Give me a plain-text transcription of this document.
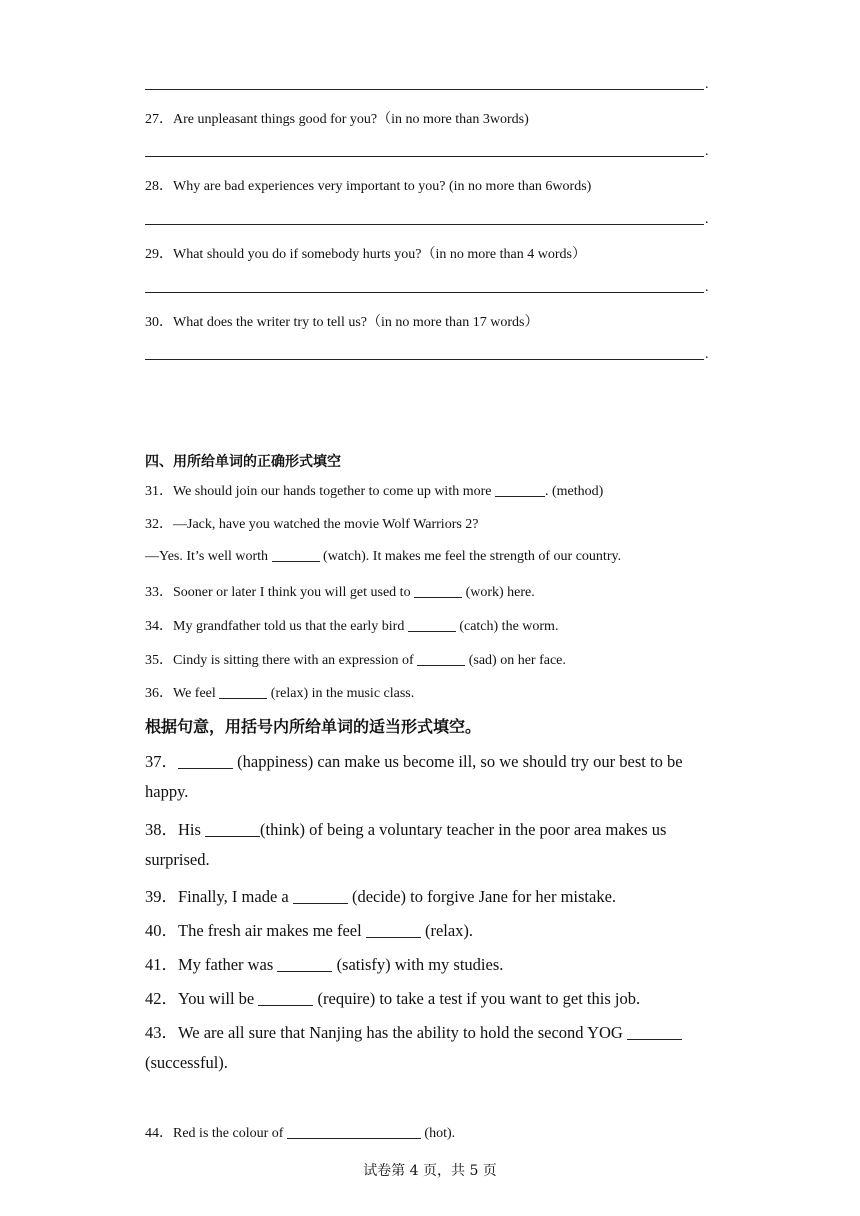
.
27．Are unpleasant things good for you?（in no more than 3words)
.
28．Why are bad experiences very important to you? (in no more than 6words)
.
29．What should you do if somebody hurts you?（in no more than 4 words）
.
30．What does the writer try to tell us?（in no more than 17 words）
.
四、用所给单词的正确形式填空
31．We should join our hands together to come up with more	. (method)
32．—Jack, have you watched the movie Wolf Warriors 2?
—Yes. It’s well worth	(watch). It makes me feel the strength of our country.
33．Sooner or later I think you will get used to	(work) here.
34．My grandfather told us that the early bird	(catch) the worm.
35．Cindy is sitting there with an expression of	(sad) on her face.
36．We feel	(relax) in the music class.
根据句意，用括号内所给单词的适当形式填空。
37．	(happiness) can make us become ill, so we should try our best to be
happy.
38．His	(think) of being a voluntary teacher in the poor area makes us
surprised.
39．Finally, I made a	(decide) to forgive Jane for her mistake.
40．The fresh air makes me feel	(relax).
41．My father was	(satisfy) with my studies.
42．You will be	(require) to take a test if you want to get this job.
43．We are all sure that Nanjing has the ability to hold the second YOG
(successful).
44．Red is the colour of	(hot).
试卷第 4 页，共 5 页
